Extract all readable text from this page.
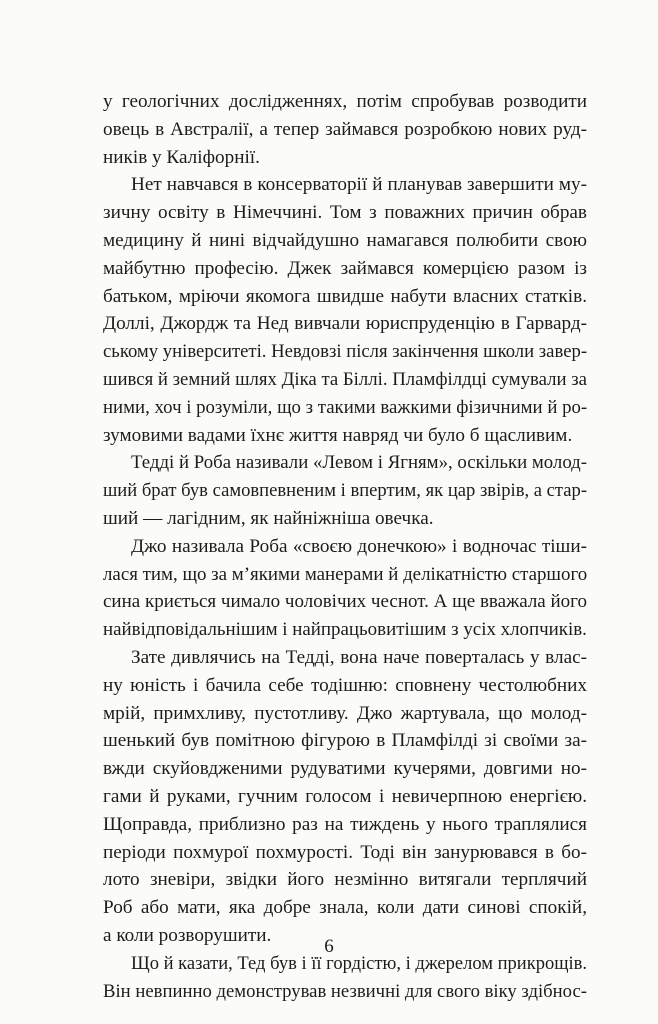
у геологічних дослідженнях, потім спробував розводити
овець в Австралії, а тепер займався розробкою нових руд-
ників у Каліфорнії.
Нет навчався в консерваторії й планував завершити му-
зичну освіту в Німеччині. Том з поважних причин обрав
медицину й нині відчайдушно намагався полюбити свою
майбутню професію. Джек займався комерцією разом із
батьком, мріючи якомога швидше набути власних статків.
Доллі, Джордж та Нед вивчали юриспруденцію в Гарвард-
ському університеті. Невдовзі після закінчення школи завер-
шився й земний шлях Діка та Біллі. Пламфілдці сумували за
ними, хоч і розуміли, що з такими важкими фізичними й ро-
зумовими вадами їхнє життя навряд чи було б щасливим.
Тедді й Роба називали «Левом і Ягням», оскільки молод-
ший брат був самовпевненим і впертим, як цар звірів, а стар-
ший — лагідним, як найніжніша овечка.
Джо називала Роба «своєю донечкою» і водночас тіши-
лася тим, що за м’якими манерами й делікатністю старшого
сина криється чимало чоловічих чеснот. А ще вважала його
найвідповідальнішим і найпрацьовитішим з усіх хлопчиків.
Зате дивлячись на Тедді, вона наче поверталась у влас-
ну юність і бачила себе тодішню: сповнену честолюбних
мрій, примхливу, пустотливу. Джо жартувала, що молод-
шенький був помітною фігурою в Пламфілді зі своїми за-
вжди скуйовдженими рудуватими кучерями, довгими но-
гами й руками, гучним голосом і невичерпною енергією.
Щоправда, приблизно раз на тиждень у нього траплялися
періоди похмурої похмурості. Тоді він занурювався в бо-
лото зневіри, звідки його незмінно витягали терплячий
Роб або мати, яка добре знала, коли дати синові спокій,
а коли розворушити.
Що й казати, Тед був і її гордістю, і джерелом прикрощів.
Він невпинно демонстрував незвичні для свого віку здібнос-
6
